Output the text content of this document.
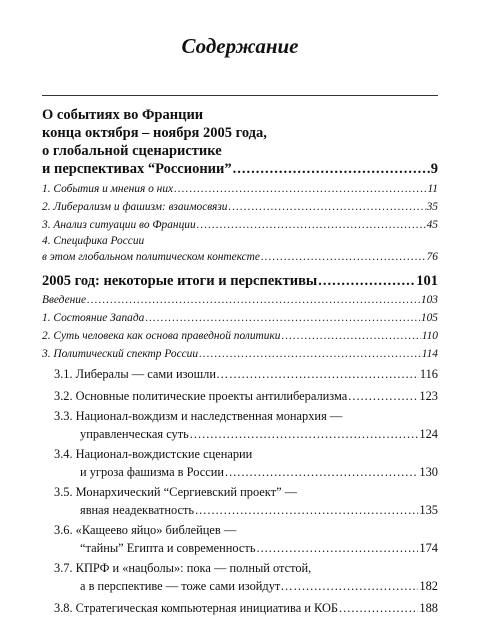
Содержание
О событиях во Франции
конца октября – ноября 2005 года,
о глобальной сценаристике
и перспективах “Россионии” .....	9
1. События и мнения о них .....	11
2. Либерализм и фашизм: взаимосвязи .....	35
3. Анализ ситуации во Франции .....	45
4. Специфика России
в этом глобальном политическом контексте .....	76
2005 год: некоторые итоги и перспективы .....	101
Введение .....	103
1. Состояние Запада .....	105
2. Суть человека как основа праведной политики .....	110
3. Политический спектр России .....	114
3.1. Либералы — сами изошли… .....	116
3.2. Основные политические проекты антилиберализма .....	123
3.3. Национал-вождизм и наследственная монархия —
управленческая суть .....	124
3.4. Национал-вождистские сценарии
и угроза фашизма в России .....	130
3.5. Монархический “Сергиевский проект” —
явная неадекватность .....	135
3.6. «Кащеево яйцо» библейцев —
“тайны” Египта и современность .....	174
3.7. КПРФ и «нацболы»: пока — полный отстой,
а в перспективе — тоже сами изойдут… .....	182
3.8. Стратегическая компьютерная инициатива и КОБ .....	188
